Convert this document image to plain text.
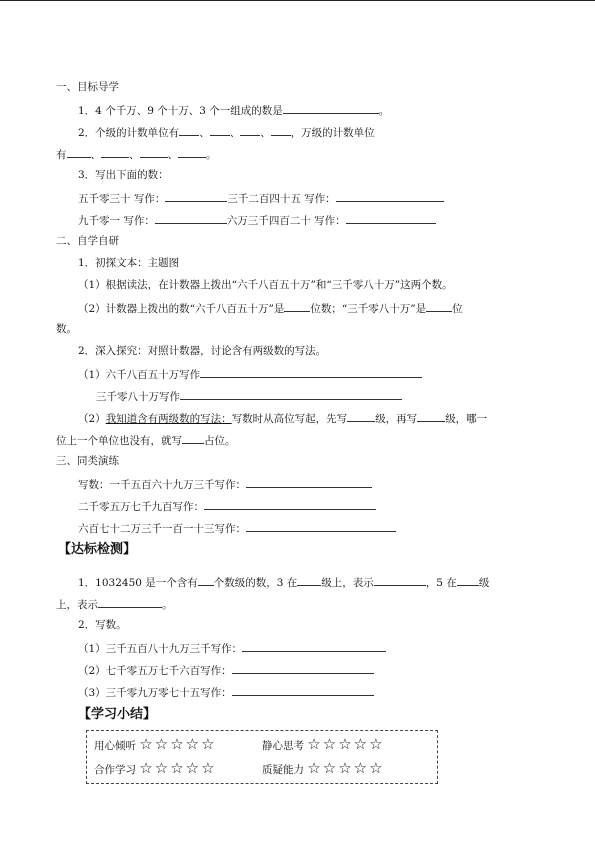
一、目标导学
1．4 个千万、9 个十万、3 个一组成的数是	。
2．个级的计数单位有 、 、 、 ，万级的计数单位
有 、	、	、	。
3．写出下面的数：
五千零三十 写作：	三千二百四十五 写作：
九千零一 写作：	六万三千四百二十 写作：
二、自学自研
1．初探文本：主题图
（1）根据读法，在计数器上拨出“六千八百五十万”和“三千零八十万”这两个数。
（2）计数器上拨出的数“六千八百五十万”是 位数；“三千零八十万”是 位
数。
2．深入探究：对照计数器，讨论含有两级数的写法。
（1）六千八百五十万写作
三千零八十万写作
（2）我知道含有两级数的写法：写数时从高位写起，先写	级，再写	级，哪一
位上一个单位也没有，就写 占位。
三、同类演练
写数：一千五百六十九万三千写作：
二千零五万七千九百写作：
六百七十二万三千一百一十三写作：
【达标检测】
1．1032450 是一个含有 个数级的数，3 在 级上，表示	，5 在 级
上，表示	。
2．写数。
（1）三千五百八十九万三千写作：
（2）七千零五万七千六百写作：
（3）三千零九万零七十五写作：
【学习小结】
用心倾听 ☆☆☆☆☆	静心思考 ☆☆☆☆☆
合作学习 ☆☆☆☆☆	质疑能力 ☆☆☆☆☆
